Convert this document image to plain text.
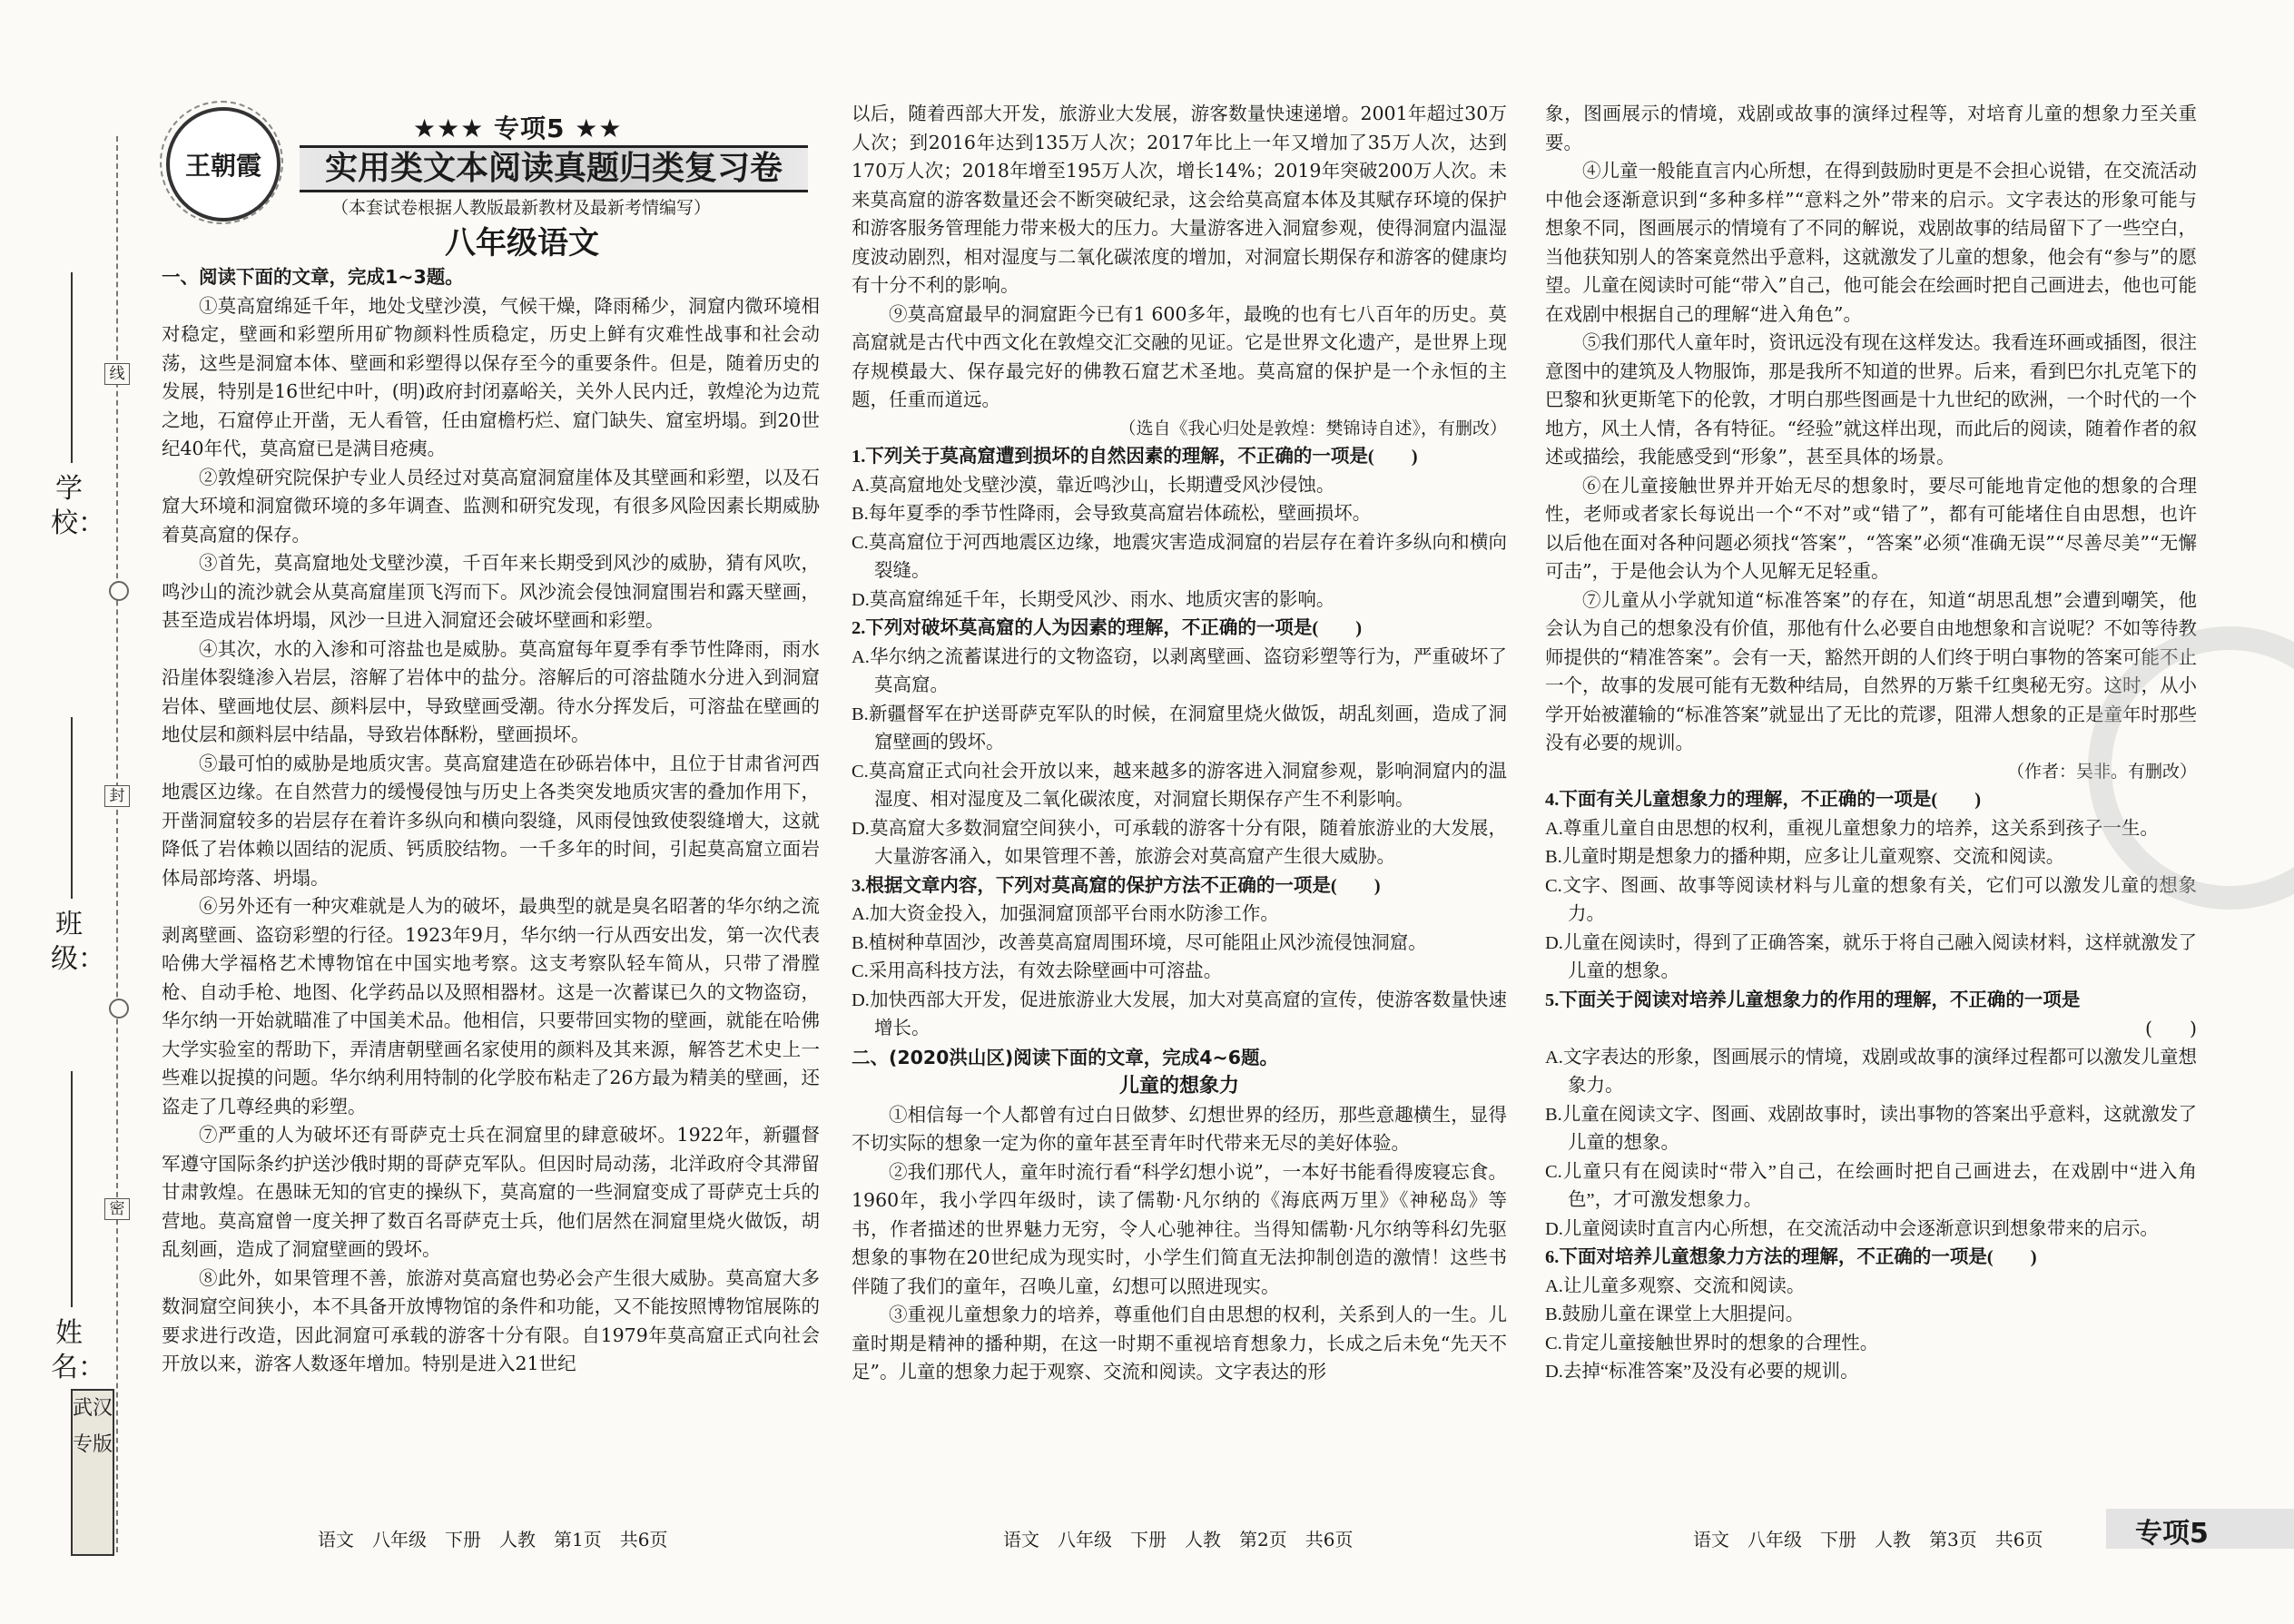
学校：
班级：
姓名：
线
封
密
武汉专版
王朝霞
★★★ 专项5 ★★
实用类文本阅读真题归类复习卷
（本套试卷根据人教版最新教材及最新考情编写）
八年级语文

一、阅读下面的文章，完成1~3题。

①莫高窟绵延千年，地处戈壁沙漠，气候干燥，降雨稀少，洞窟内微环境相对稳定，壁画和彩塑所用矿物颜料性质稳定，历史上鲜有灾难性战事和社会动荡，这些是洞窟本体、壁画和彩塑得以保存至今的重要条件。但是，随着历史的发展，特别是16世纪中叶，(明)政府封闭嘉峪关，关外人民内迁，敦煌沦为边荒之地，石窟停止开凿，无人看管，任由窟檐朽烂、窟门缺失、窟室坍塌。到20世纪40年代，莫高窟已是满目疮痍。

②敦煌研究院保护专业人员经过对莫高窟洞窟崖体及其壁画和彩塑，以及石窟大环境和洞窟微环境的多年调查、监测和研究发现，有很多风险因素长期威胁着莫高窟的保存。

③首先，莫高窟地处戈壁沙漠，千百年来长期受到风沙的威胁，猜有风吹，鸣沙山的流沙就会从莫高窟崖顶飞泻而下。风沙流会侵蚀洞窟围岩和露天壁画，甚至造成岩体坍塌，风沙一旦进入洞窟还会破坏壁画和彩塑。

④其次，水的入渗和可溶盐也是威胁。莫高窟每年夏季有季节性降雨，雨水沿崖体裂缝渗入岩层，溶解了岩体中的盐分。溶解后的可溶盐随水分进入到洞窟岩体、壁画地仗层、颜料层中，导致壁画受潮。待水分挥发后，可溶盐在壁画的地仗层和颜料层中结晶，导致岩体酥粉，壁画损坏。

⑤最可怕的威胁是地质灾害。莫高窟建造在砂砾岩体中，且位于甘肃省河西地震区边缘。在自然营力的缓慢侵蚀与历史上各类突发地质灾害的叠加作用下，开凿洞窟较多的岩层存在着许多纵向和横向裂缝，风雨侵蚀致使裂缝增大，这就降低了岩体赖以固结的泥质、钙质胶结物。一千多年的时间，引起莫高窟立面岩体局部垮落、坍塌。

⑥另外还有一种灾难就是人为的破坏，最典型的就是臭名昭著的华尔纳之流剥离壁画、盗窃彩塑的行径。1923年9月，华尔纳一行从西安出发，第一次代表哈佛大学福格艺术博物馆在中国实地考察。这支考察队轻车简从，只带了滑膛枪、自动手枪、地图、化学药品以及照相器材。这是一次蓄谋已久的文物盗窃，华尔纳一开始就瞄准了中国美术品。他相信，只要带回实物的壁画，就能在哈佛大学实验室的帮助下，弄清唐朝壁画名家使用的颜料及其来源，解答艺术史上一些难以捉摸的问题。华尔纳利用特制的化学胶布粘走了26方最为精美的壁画，还盗走了几尊经典的彩塑。

⑦严重的人为破坏还有哥萨克士兵在洞窟里的肆意破坏。1922年，新疆督军遵守国际条约护送沙俄时期的哥萨克军队。但因时局动荡，北洋政府令其滞留甘肃敦煌。在愚昧无知的官吏的操纵下，莫高窟的一些洞窟变成了哥萨克士兵的营地。莫高窟曾一度关押了数百名哥萨克士兵，他们居然在洞窟里烧火做饭，胡乱刻画，造成了洞窟壁画的毁坏。

⑧此外，如果管理不善，旅游对莫高窟也势必会产生很大威胁。莫高窟大多数洞窟空间狭小，本不具备开放博物馆的条件和功能，又不能按照博物馆展陈的要求进行改造，因此洞窟可承载的游客十分有限。自1979年莫高窟正式向社会开放以来，游客人数逐年增加。特别是进入21世纪

以后，随着西部大开发，旅游业大发展，游客数量快速递增。2001年超过30万人次；到2016年达到135万人次；2017年比上一年又增加了35万人次，达到170万人次；2018年增至195万人次，增长14%；2019年突破200万人次。未来莫高窟的游客数量还会不断突破纪录，这会给莫高窟本体及其赋存环境的保护和游客服务管理能力带来极大的压力。大量游客进入洞窟参观，使得洞窟内温湿度波动剧烈，相对湿度与二氧化碳浓度的增加，对洞窟长期保存和游客的健康均有十分不利的影响。

⑨莫高窟最早的洞窟距今已有1 600多年，最晚的也有七八百年的历史。莫高窟就是古代中西文化在敦煌交汇交融的见证。它是世界文化遗产，是世界上现存规模最大、保存最完好的佛教石窟艺术圣地。莫高窟的保护是一个永恒的主题，任重而道远。

（选自《我心归处是敦煌：樊锦诗自述》，有删改）

1.下列关于莫高窟遭到损坏的自然因素的理解，不正确的一项是(　　)

A.莫高窟地处戈壁沙漠，靠近鸣沙山，长期遭受风沙侵蚀。

B.每年夏季的季节性降雨，会导致莫高窟岩体疏松，壁画损坏。

C.莫高窟位于河西地震区边缘，地震灾害造成洞窟的岩层存在着许多纵向和横向裂缝。

D.莫高窟绵延千年，长期受风沙、雨水、地质灾害的影响。

2.下列对破坏莫高窟的人为因素的理解，不正确的一项是(　　)

A.华尔纳之流蓄谋进行的文物盗窃，以剥离壁画、盗窃彩塑等行为，严重破坏了莫高窟。

B.新疆督军在护送哥萨克军队的时候，在洞窟里烧火做饭，胡乱刻画，造成了洞窟壁画的毁坏。

C.莫高窟正式向社会开放以来，越来越多的游客进入洞窟参观，影响洞窟内的温湿度、相对湿度及二氧化碳浓度，对洞窟长期保存产生不利影响。

D.莫高窟大多数洞窟空间狭小，可承载的游客十分有限，随着旅游业的大发展，大量游客涌入，如果管理不善，旅游会对莫高窟产生很大威胁。

3.根据文章内容，下列对莫高窟的保护方法不正确的一项是(　　)

A.加大资金投入，加强洞窟顶部平台雨水防渗工作。

B.植树种草固沙，改善莫高窟周围环境，尽可能阻止风沙流侵蚀洞窟。

C.采用高科技方法，有效去除壁画中可溶盐。

D.加快西部大开发，促进旅游业大发展，加大对莫高窟的宣传，使游客数量快速增长。

二、(2020洪山区)阅读下面的文章，完成4~6题。

儿童的想象力

①相信每一个人都曾有过白日做梦、幻想世界的经历，那些意趣横生，显得不切实际的想象一定为你的童年甚至青年时代带来无尽的美好体验。

②我们那代人，童年时流行看“科学幻想小说”，一本好书能看得废寝忘食。1960年，我小学四年级时，读了儒勒·凡尔纳的《海底两万里》《神秘岛》等书，作者描述的世界魅力无穷，令人心驰神往。当得知儒勒·凡尔纳等科幻先驱想象的事物在20世纪成为现实时，小学生们简直无法抑制创造的激情！这些书伴随了我们的童年，召唤儿童，幻想可以照进现实。

③重视儿童想象力的培养，尊重他们自由思想的权利，关系到人的一生。儿童时期是精神的播种期，在这一时期不重视培育想象力，长成之后未免“先天不足”。儿童的想象力起于观察、交流和阅读。文字表达的形

象，图画展示的情境，戏剧或故事的演绎过程等，对培育儿童的想象力至关重要。

④儿童一般能直言内心所想，在得到鼓励时更是不会担心说错，在交流活动中他会逐渐意识到“多种多样”“意料之外”带来的启示。文字表达的形象可能与想象不同，图画展示的情境有了不同的解说，戏剧故事的结局留下了一些空白，当他获知别人的答案竟然出乎意料，这就激发了儿童的想象，他会有“参与”的愿望。儿童在阅读时可能“带入”自己，他可能会在绘画时把自己画进去，他也可能在戏剧中根据自己的理解“进入角色”。

⑤我们那代人童年时，资讯远没有现在这样发达。我看连环画或插图，很注意图中的建筑及人物服饰，那是我所不知道的世界。后来，看到巴尔扎克笔下的巴黎和狄更斯笔下的伦敦，才明白那些图画是十九世纪的欧洲，一个时代的一个地方，风土人情，各有特征。“经验”就这样出现，而此后的阅读，随着作者的叙述或描绘，我能感受到“形象”，甚至具体的场景。

⑥在儿童接触世界并开始无尽的想象时，要尽可能地肯定他的想象的合理性，老师或者家长每说出一个“不对”或“错了”，都有可能堵住自由思想，也许以后他在面对各种问题必须找“答案”，“答案”必须“准确无误”“尽善尽美”“无懈可击”，于是他会认为个人见解无足轻重。

⑦儿童从小学就知道“标准答案”的存在，知道“胡思乱想”会遭到嘲笑，他会认为自己的想象没有价值，那他有什么必要自由地想象和言说呢？不如等待教师提供的“精准答案”。会有一天，豁然开朗的人们终于明白事物的答案可能不止一个，故事的发展可能有无数种结局，自然界的万紫千红奥秘无穷。这时，从小学开始被灌输的“标准答案”就显出了无比的荒谬，阻滞人想象的正是童年时那些没有必要的规训。

（作者：吴非。有删改）

4.下面有关儿童想象力的理解，不正确的一项是(　　)

A.尊重儿童自由思想的权利，重视儿童想象力的培养，这关系到孩子一生。

B.儿童时期是想象力的播种期，应多让儿童观察、交流和阅读。

C.文字、图画、故事等阅读材料与儿童的想象有关，它们可以激发儿童的想象力。

D.儿童在阅读时，得到了正确答案，就乐于将自己融入阅读材料，这样就激发了儿童的想象。

5.下面关于阅读对培养儿童想象力的作用的理解，不正确的一项是

(　　)

A.文字表达的形象，图画展示的情境，戏剧或故事的演绎过程都可以激发儿童想象力。

B.儿童在阅读文字、图画、戏剧故事时，读出事物的答案出乎意料，这就激发了儿童的想象。

C.儿童只有在阅读时“带入”自己，在绘画时把自己画进去，在戏剧中“进入角色”，才可激发想象力。

D.儿童阅读时直言内心所想，在交流活动中会逐渐意识到想象带来的启示。

6.下面对培养儿童想象力方法的理解，不正确的一项是(　　)

A.让儿童多观察、交流和阅读。

B.鼓励儿童在课堂上大胆提问。

C.肯定儿童接触世界时的想象的合理性。

D.去掉“标准答案”及没有必要的规训。

语文　八年级　下册　人教　第1页　共6页	语文　八年级　下册　人教　第2页　共6页	语文　八年级　下册　人教　第3页　共6页	专项5
